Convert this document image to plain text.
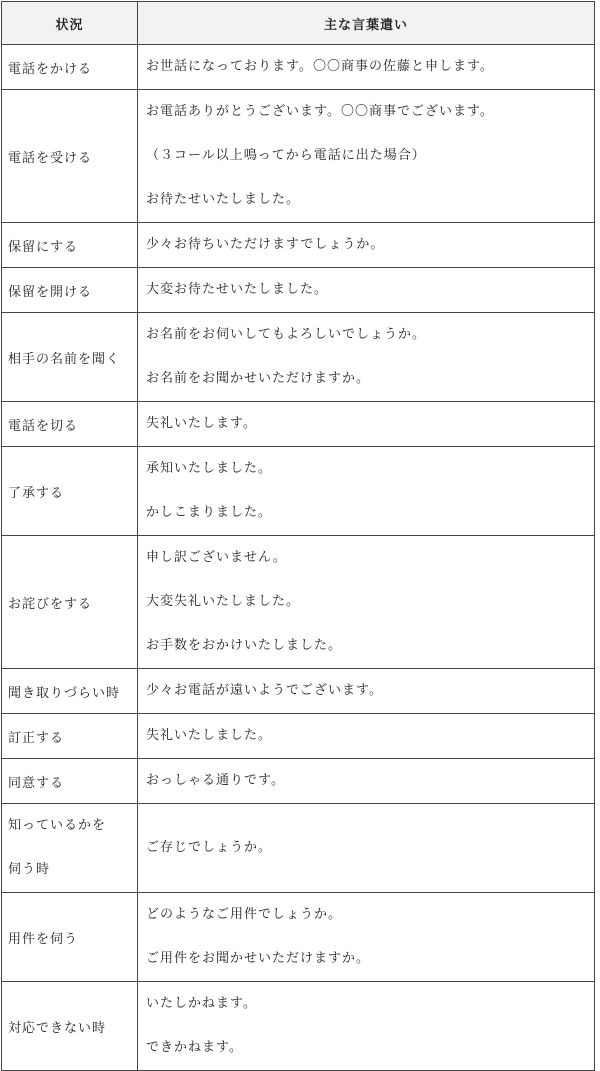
状況	主な言葉遣い
電話をかける	お世話になっております。〇〇商事の佐藤と申します。

電話を受ける	お電話ありがとうございます。〇〇商事でございます。
（３コール以上鳴ってから電話に出た場合）
お待たせいたしました。

保留にする	少々お待ちいただけますでしょうか。

保留を開ける	大変お待たせいたしました。

相手の名前を聞く	お名前をお伺いしてもよろしいでしょうか。
お名前をお聞かせいただけますか。

電話を切る	失礼いたします。

了承する	承知いたしました。
かしこまりました。

お詫びをする	申し訳ございません。
大変失礼いたしました。
お手数をおかけいたしました。

聞き取りづらい時	少々お電話が遠いようでございます。

訂正する	失礼いたしました。

同意する	おっしゃる通りです。

知っているかを
伺う時	ご存じでしょうか。

用件を伺う	どのようなご用件でしょうか。
ご用件をお聞かせいただけますか。

対応できない時	いたしかねます。
できかねます。
